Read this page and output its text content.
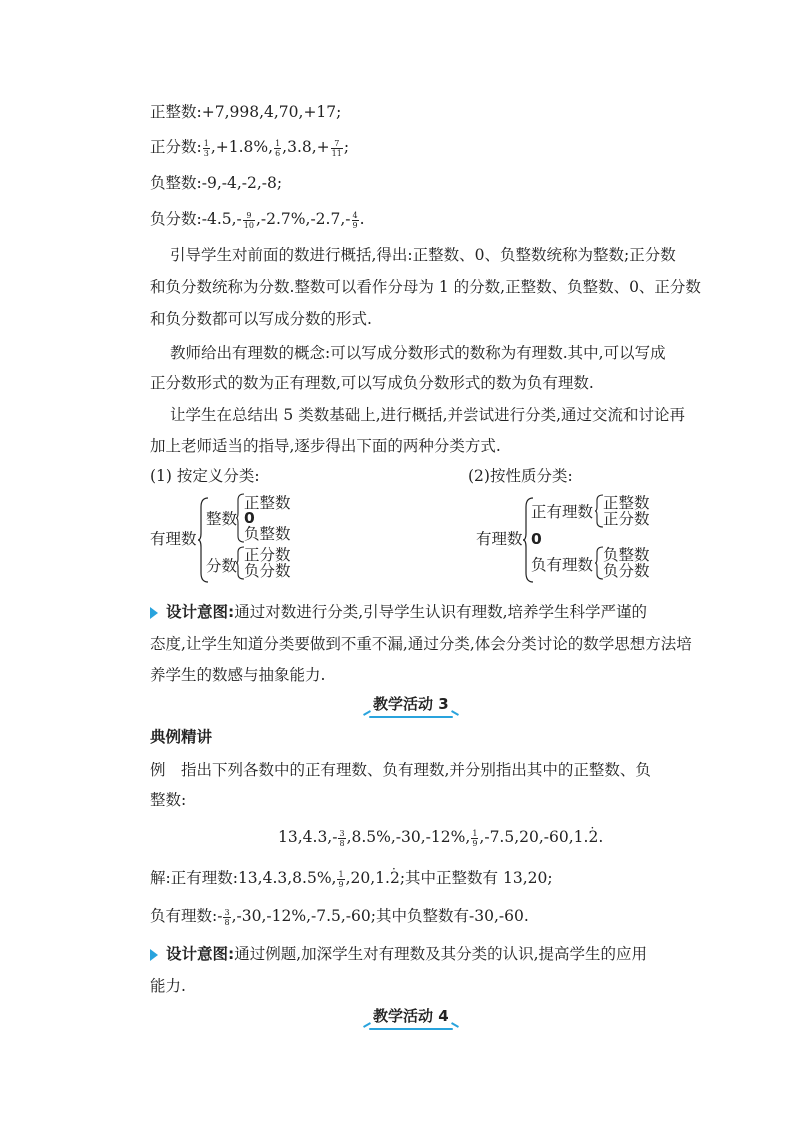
正整数:+7,998,4,70,+17;
正分数: $\frac{1}{3} ,+1.8\%$, $\frac{1}{6} ,3.8,+ \frac{7}{11}$ ;
负整数:-9,-4,-2,-8;
负分数:-4.5,- $\frac{9}{10} ,-2.7\%,-2.7,- \frac{4}{9}$ .
引导学生对前面的数进行概括,得出:正整数、0、负整数统称为整数;正分数
和负分数统称为分数.整数可以看作分母为 1 的分数,正整数、负整数、0、正分数
和负分数都可以写成分数的形式.
教师给出有理数的概念:可以写成分数形式的数称为有理数.其中,可以写成
正分数形式的数为正有理数,可以写成负分数形式的数为负有理数.
让学生在总结出 5 类数基础上,进行概括,并尝试进行分类,通过交流和讨论再
加上老师适当的指导,逐步得出下面的两种分类方式.
(1) 按定义分类:	(2)按性质分类:
有理数
整数
正整数
0
负整数
分数
正分数
负分数
有理数
正有理数 正整数
正分数
0
负有理数
负整数
负分数
设计意图:通过对数进行分类,引导学生认识有理数,培养学生科学严谨的
态度,让学生知道分类要做到不重不漏,通过分类,体会分类讨论的数学思想方法培
养学生的数感与抽象能力.
教学活动 3
典例精讲
例　指出下列各数中的正有理数、负有理数,并分别指出其中的正整数、负
整数:
$13,4.3,- \frac{3}{8} ,8.5\%,-30,-12\%$, $\frac{1}{9} ,-7.5,20,-60,1.2$ ·.
解:正有理数:13,4.3,8.5%, $\frac{1}{9} ,20,1.2$ ·;其中正整数有 13,20;
负有理数:- $\frac{3}{8} ,-30,-12\%,-7.5,-60$;其中负整数有-30,-60.
设计意图:通过例题,加深学生对有理数及其分类的认识,提高学生的应用
能力.
教学活动 4
